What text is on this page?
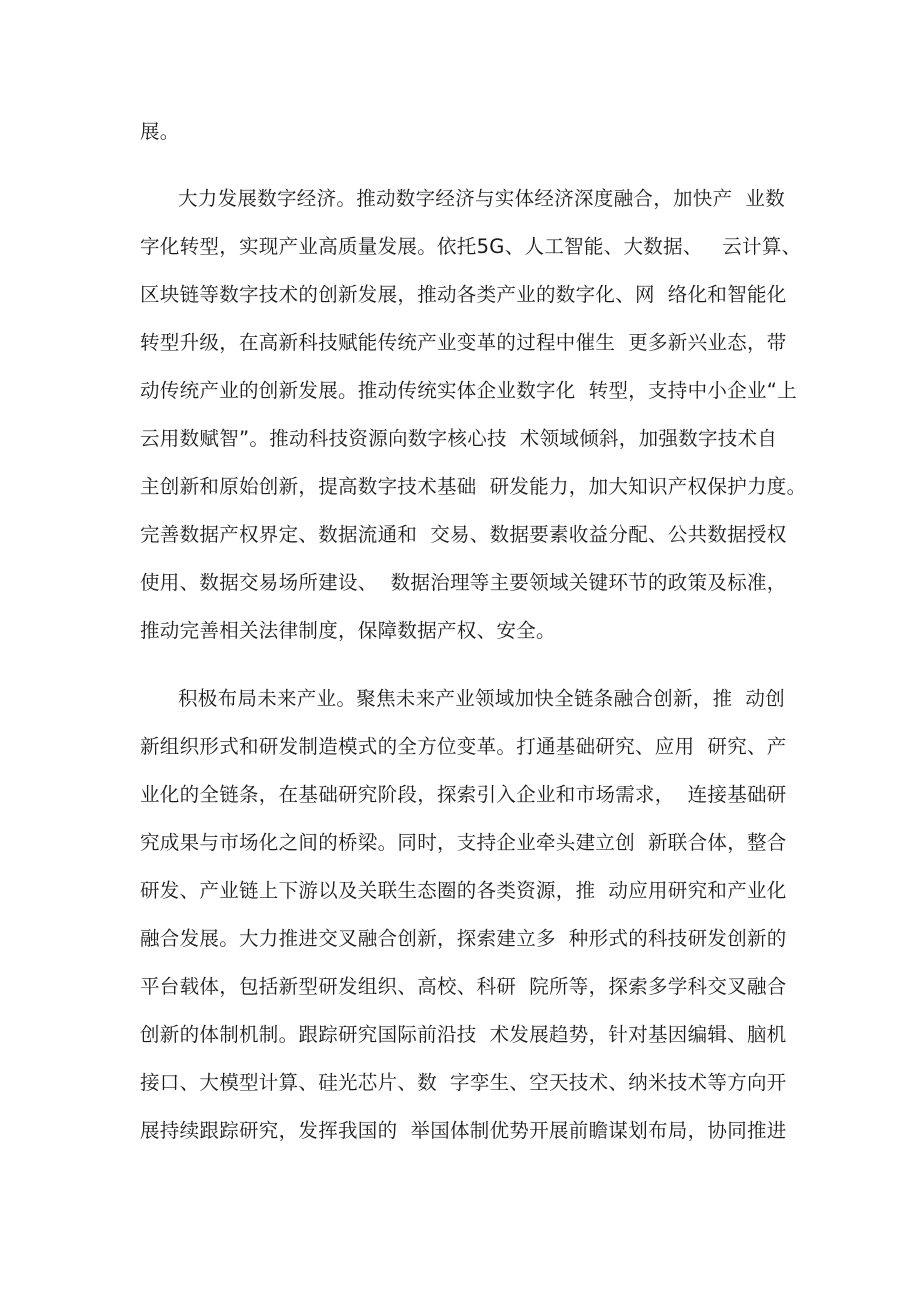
展。
大力发展数字经济。推动数字经济与实体经济深度融合，加快产  业数
字化转型，实现产业高质量发展。依托5G、人工智能、大数据、   云计算、
区块链等数字技术的创新发展，推动各类产业的数字化、网  络化和智能化
转型升级，在高新科技赋能传统产业变革的过程中催生  更多新兴业态，带
动传统产业的创新发展。推动传统实体企业数字化  转型，支持中小企业“上
云用数赋智”。推动科技资源向数字核心技  术领域倾斜，加强数字技术自
主创新和原始创新，提高数字技术基础  研发能力，加大知识产权保护力度。
完善数据产权界定、数据流通和  交易、数据要素收益分配、公共数据授权
使用、数据交易场所建设、  数据治理等主要领域关键环节的政策及标准，
推动完善相关法律制度，保障数据产权、安全。
积极布局未来产业。聚焦未来产业领域加快全链条融合创新，推  动创
新组织形式和研发制造模式的全方位变革。打通基础研究、应用  研究、产
业化的全链条，在基础研究阶段，探索引入企业和市场需求，  连接基础研
究成果与市场化之间的桥梁。同时，支持企业牵头建立创  新联合体，整合
研发、产业链上下游以及关联生态圈的各类资源，推  动应用研究和产业化
融合发展。大力推进交叉融合创新，探索建立多  种形式的科技研发创新的
平台载体，包括新型研发组织、高校、科研  院所等，探索多学科交叉融合
创新的体制机制。跟踪研究国际前沿技  术发展趋势，针对基因编辑、脑机
接口、大模型计算、硅光芯片、数  字孪生、空天技术、纳米技术等方向开
展持续跟踪研究，发挥我国的  举国体制优势开展前瞻谋划布局，协同推进
